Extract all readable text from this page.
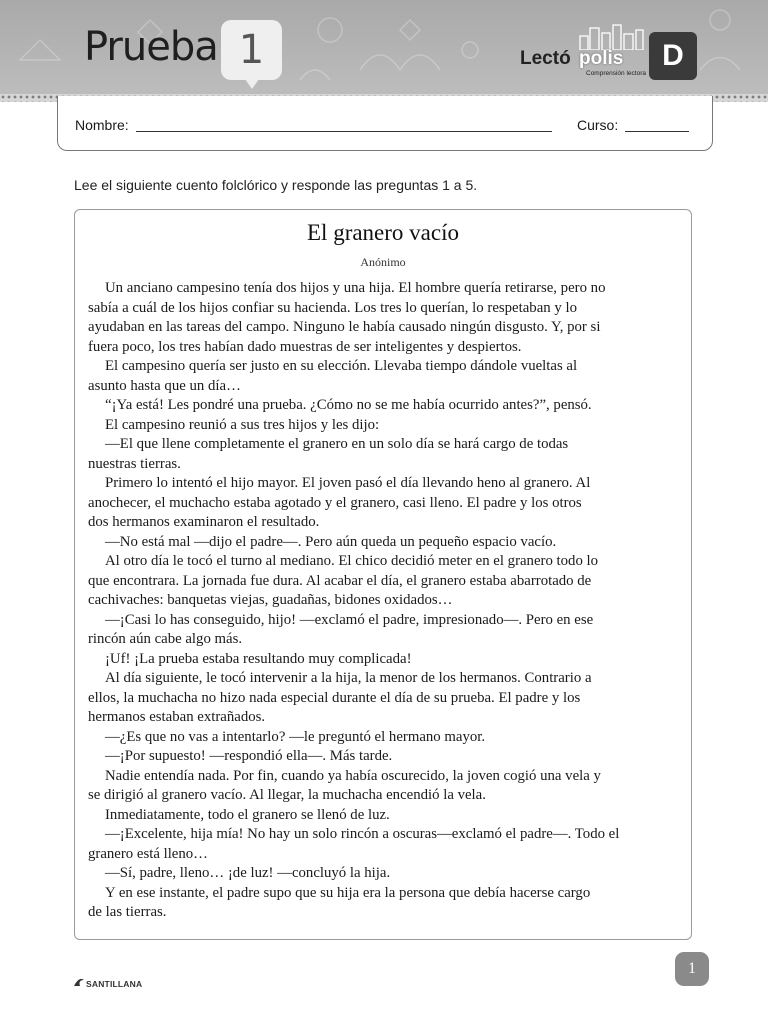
Prueba 1	Lectó polis
Comprensión lectora
D
Nombre:	Curso:
Lee el siguiente cuento folclórico y responde las preguntas 1 a 5.
El granero vacío
Anónimo
Un anciano campesino tenía dos hijos y una hija. El hombre quería retirarse, pero no
sabía a cuál de los hijos confiar su hacienda. Los tres lo querían, lo respetaban y lo
ayudaban en las tareas del campo. Ninguno le había causado ningún disgusto. Y, por si
fuera poco, los tres habían dado muestras de ser inteligentes y despiertos.
El campesino quería ser justo en su elección. Llevaba tiempo dándole vueltas al
asunto hasta que un día…
“¡Ya está! Les pondré una prueba. ¿Cómo no se me había ocurrido antes?”, pensó.
El campesino reunió a sus tres hijos y les dijo:
—El que llene completamente el granero en un solo día se hará cargo de todas
nuestras tierras.
Primero lo intentó el hijo mayor. El joven pasó el día llevando heno al granero. Al
anochecer, el muchacho estaba agotado y el granero, casi lleno. El padre y los otros
dos hermanos examinaron el resultado.
—No está mal —dijo el padre—. Pero aún queda un pequeño espacio vacío.
Al otro día le tocó el turno al mediano. El chico decidió meter en el granero todo lo
que encontrara. La jornada fue dura. Al acabar el día, el granero estaba abarrotado de
cachivaches: banquetas viejas, guadañas, bidones oxidados…
—¡Casi lo has conseguido, hijo! —exclamó el padre, impresionado—. Pero en ese
rincón aún cabe algo más.
¡Uf! ¡La prueba estaba resultando muy complicada!
Al día siguiente, le tocó intervenir a la hija, la menor de los hermanos. Contrario a
ellos, la muchacha no hizo nada especial durante el día de su prueba. El padre y los
hermanos estaban extrañados.
—¿Es que no vas a intentarlo? —le preguntó el hermano mayor.
—¡Por supuesto! —respondió ella—. Más tarde.
Nadie entendía nada. Por fin, cuando ya había oscurecido, la joven cogió una vela y
se dirigió al granero vacío. Al llegar, la muchacha encendió la vela.
Inmediatamente, todo el granero se llenó de luz.
—¡Excelente, hija mía! No hay un solo rincón a oscuras—exclamó el padre—. Todo el
granero está lleno…
—Sí, padre, lleno… ¡de luz! —concluyó la hija.
Y en ese instante, el padre supo que su hija era la persona que debía hacerse cargo
de las tierras.
SANTILLANA
1
